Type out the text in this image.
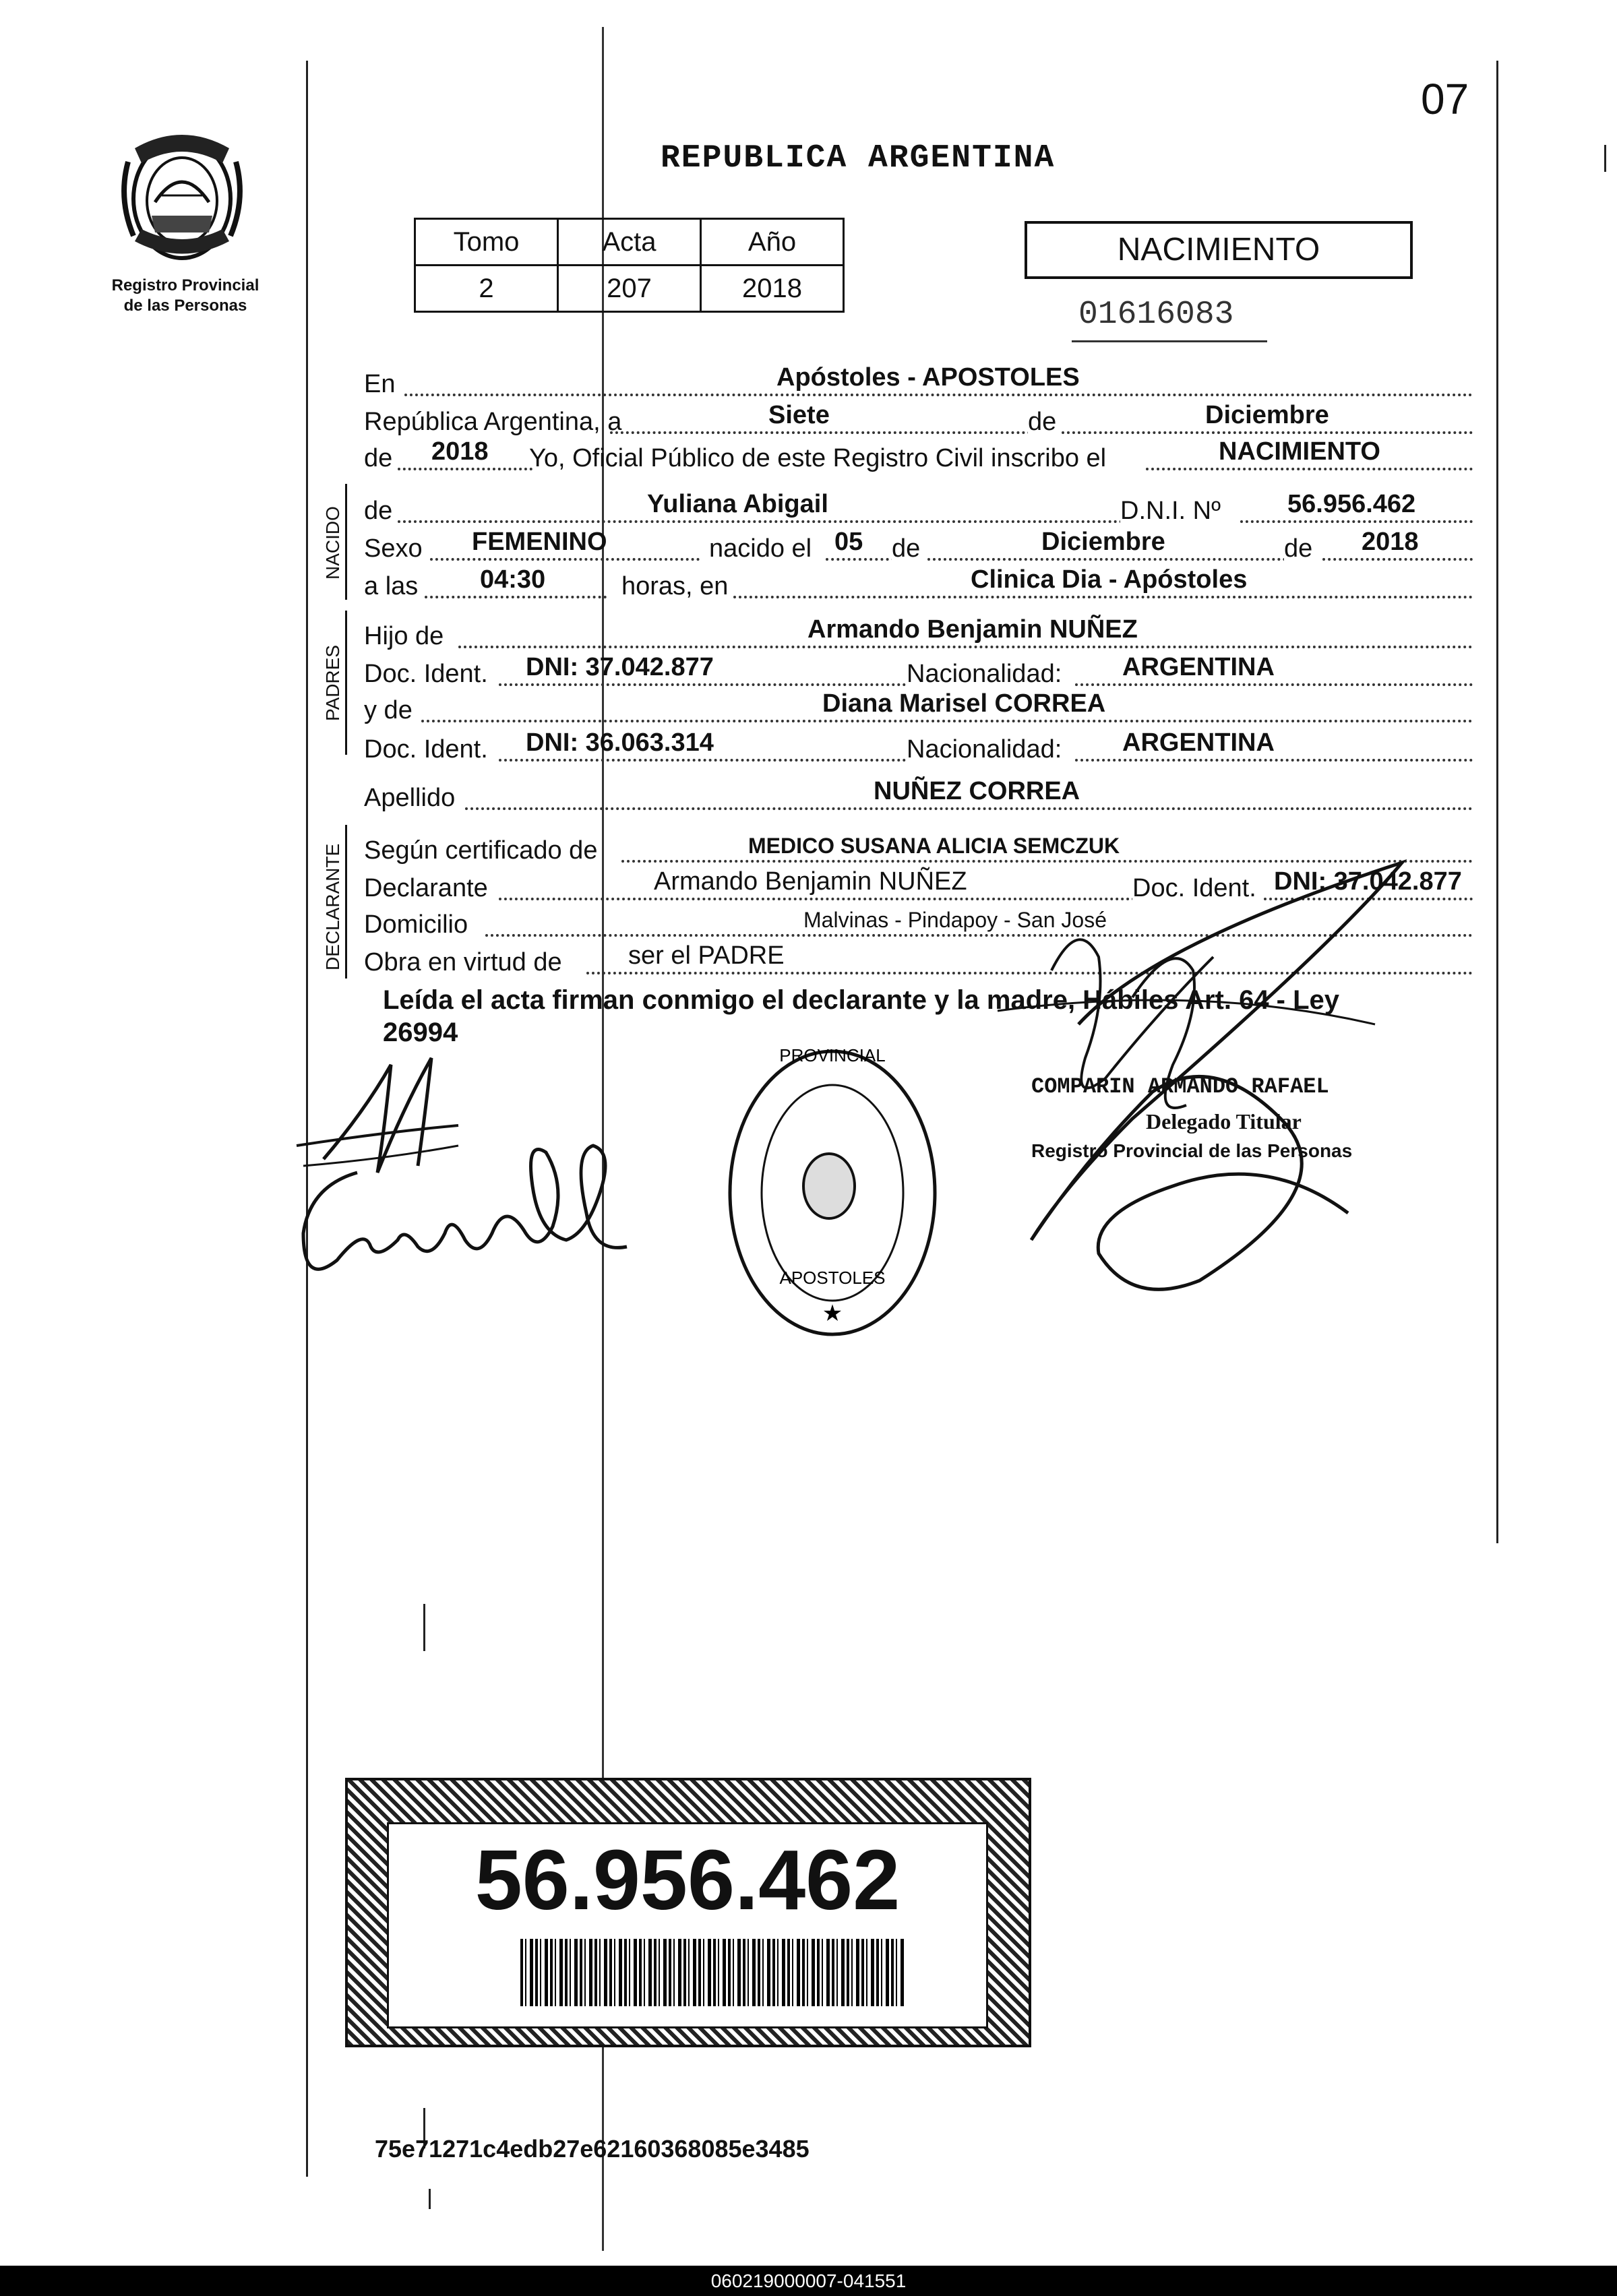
07
Registro Provincial
de las Personas
REPUBLICA ARGENTINA
Tomo	Acta	Año
2	207	2018
NACIMIENTO
01616083
En	Apóstoles - APOSTOLES
República Argentina, a	Siete	de	Diciembre
de 2018 Yo, Oficial Público de este Registro Civil inscribo el	NACIMIENTO
NACIDO de	Yuliana Abigail	D.N.I. Nº	56.956.462
Sexo FEMENINO	nacido el 05 de	Diciembre	de 2018
a las 04:30	horas, en	Clinica Dia - Apóstoles
PADRES
Hijo de	Armando Benjamin NUÑEZ
Doc. Ident. DNI: 37.042.877	Nacionalidad: ARGENTINA
y de	Diana Marisel CORREA
Doc. Ident. DNI: 36.063.314	Nacionalidad: ARGENTINA
Apellido	NUÑEZ CORREA
DECLARANTE Según certificado de	MEDICO SUSANA ALICIA SEMCZUK
Declarante	Armando Benjamin NUÑEZ	Doc. Ident. DNI: 37.042.877
Domicilio	Malvinas - Pindapoy - San José
Obra en virtud de	ser el PADRE
Leída el acta firman conmigo el declarante y la madre, Hábiles Art. 64 - Ley
26994
PROVINCIAL
APOSTOLES
★
COMPARIN ARMANDO RAFAEL
Delegado Titular
Registro Provincial de las Personas
56.956.462
75e71271c4edb27e62160368085e3485
060219000007-041551
